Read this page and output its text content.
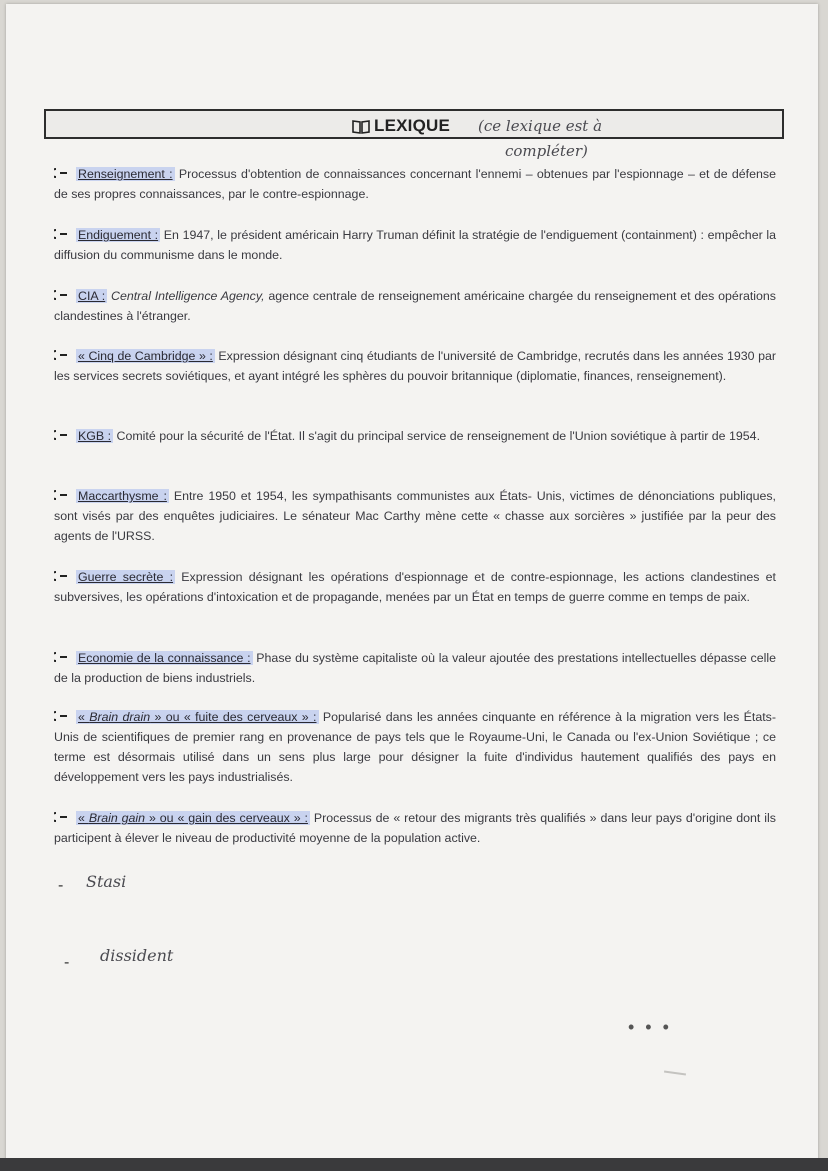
LEXIQUE (ce lexique est à
compléter)
Renseignement : Processus d'obtention de connaissances concernant l'ennemi – obtenues par l'espionnage – et de défense de ses propres connaissances, par le contre-espionnage.
Endiguement : En 1947, le président américain Harry Truman définit la stratégie de l'endiguement (containment) : empêcher la diffusion du communisme dans le monde.
CIA : Central Intelligence Agency, agence centrale de renseignement américaine chargée du renseignement et des opérations clandestines à l'étranger.
« Cinq de Cambridge » : Expression désignant cinq étudiants de l'université de Cambridge, recrutés dans les années 1930 par les services secrets soviétiques, et ayant intégré les sphères du pouvoir britannique (diplomatie, finances, renseignement).
KGB : Comité pour la sécurité de l'État. Il s'agit du principal service de renseignement de l'Union soviétique à partir de 1954.
Maccarthysme : Entre 1950 et 1954, les sympathisants communistes aux États- Unis, victimes de dénonciations publiques, sont visés par des enquêtes judiciaires. Le sénateur Mac Carthy mène cette « chasse aux sorcières » justifiée par la peur des agents de l'URSS.
Guerre secrète : Expression désignant les opérations d'espionnage et de contre-espionnage, les actions clandestines et subversives, les opérations d'intoxication et de propagande, menées par un État en temps de guerre comme en temps de paix.
Economie de la connaissance : Phase du système capitaliste où la valeur ajoutée des prestations intellectuelles dépasse celle de la production de biens industriels.
« Brain drain » ou « fuite des cerveaux » : Popularisé dans les années cinquante en référence à la migration vers les États-Unis de scientifiques de premier rang en provenance de pays tels que le Royaume-Uni, le Canada ou l'ex-Union Soviétique ; ce terme est désormais utilisé dans un sens plus large pour désigner la fuite d'individus hautement qualifiés des pays en développement vers les pays industrialisés.
« Brain gain » ou « gain des cerveaux » : Processus de « retour des migrants très qualifiés » dans leur pays d'origine dont ils participent à élever le niveau de productivité moyenne de la population active.
- Stasi
- dissident
• • •
